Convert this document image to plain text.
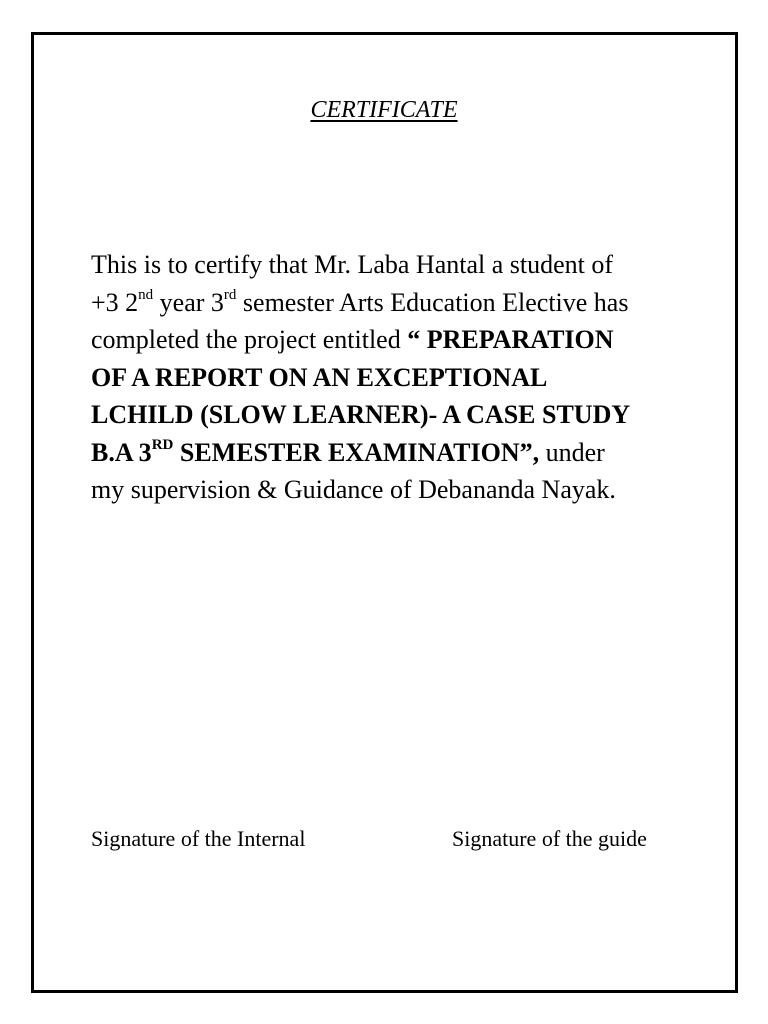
CERTIFICATE
This is to certify that Mr. Laba Hantal a student of
+3 2nd year 3rd semester Arts Education Elective has
completed the project entitled “ PREPARATION
OF A REPORT ON AN EXCEPTIONAL
LCHILD (SLOW LEARNER)- A CASE STUDY
B.A 3RD SEMESTER EXAMINATION”, under
my supervision & Guidance of Debananda Nayak.
Signature of the Internal	Signature of the guide
